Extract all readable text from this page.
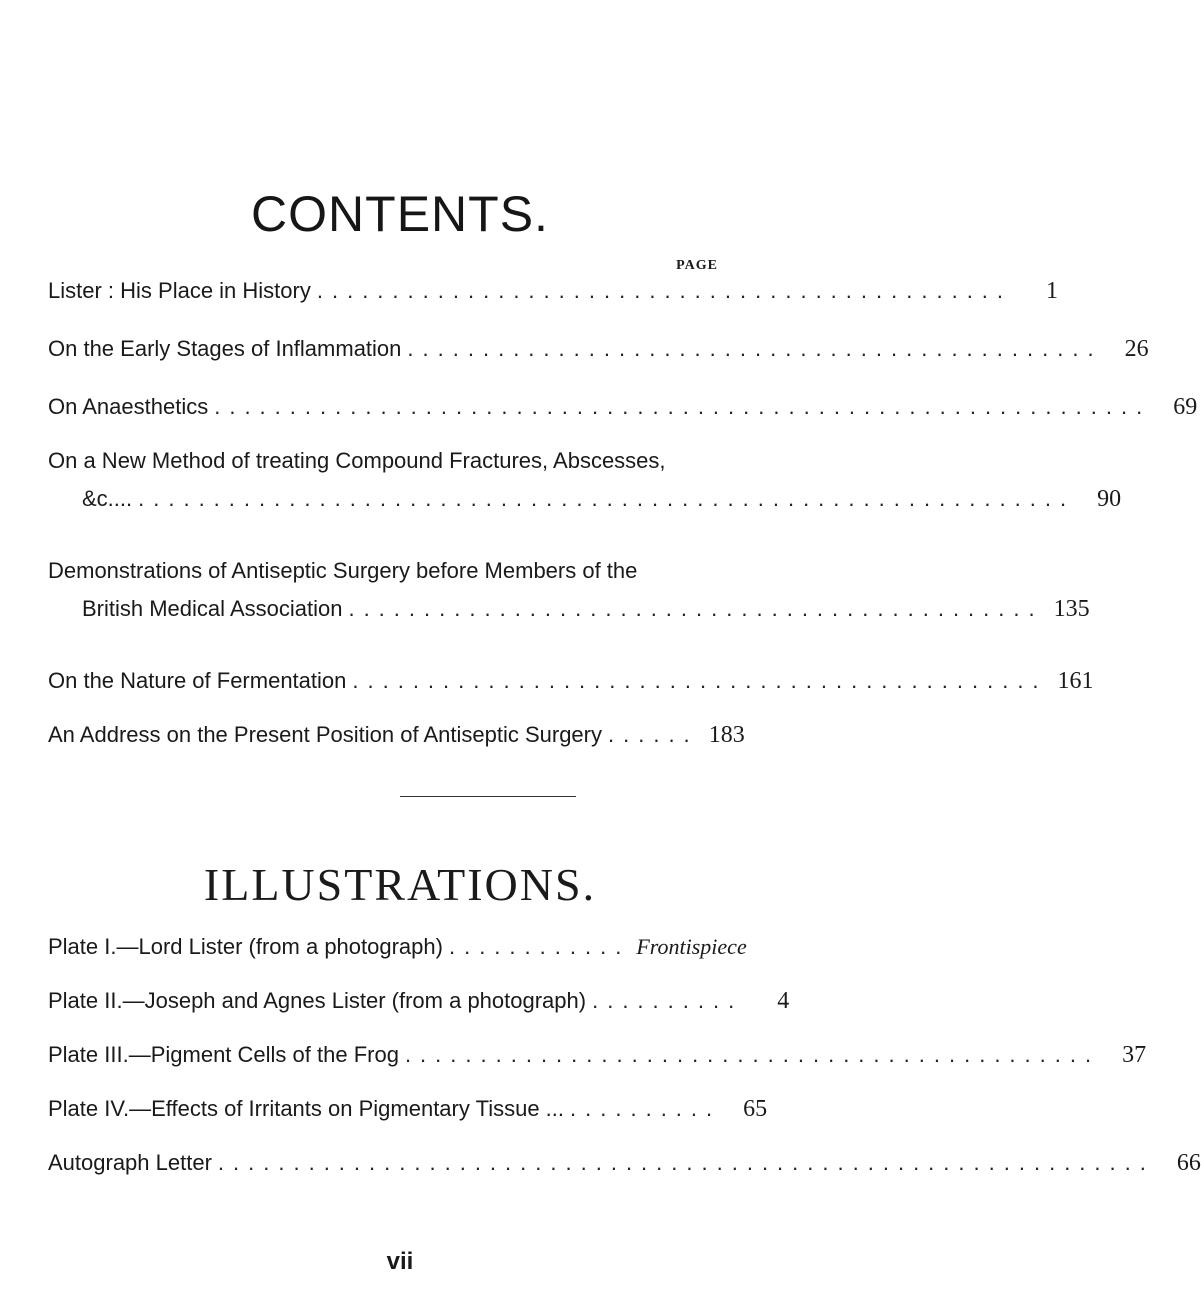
CONTENTS.
PAGE
Lister : His Place in History ..............................................	1
On the Early Stages of Inflammation .............................................. 26
On Anaesthetics .............................................................. 69
On a New Method of treating Compound Fractures, Abscesses,
&c.... .............................................................. 90
Demonstrations of Antiseptic Surgery before Members of the
British Medical Association .............................................. 135
On the Nature of Fermentation .............................................. 161
An Address on the Present Position of Antiseptic Surgery ...... 183
ILLUSTRATIONS.
Plate I.—Lord Lister (from a photograph) ............ Frontispiece
Plate II.—Joseph and Agnes Lister (from a photograph) ..........	4
Plate III.—Pigment Cells of the Frog .............................................. 37
Plate IV.—Effects of Irritants on Pigmentary Tissue ... .......... 65
Autograph Letter .............................................................. 66
vii
